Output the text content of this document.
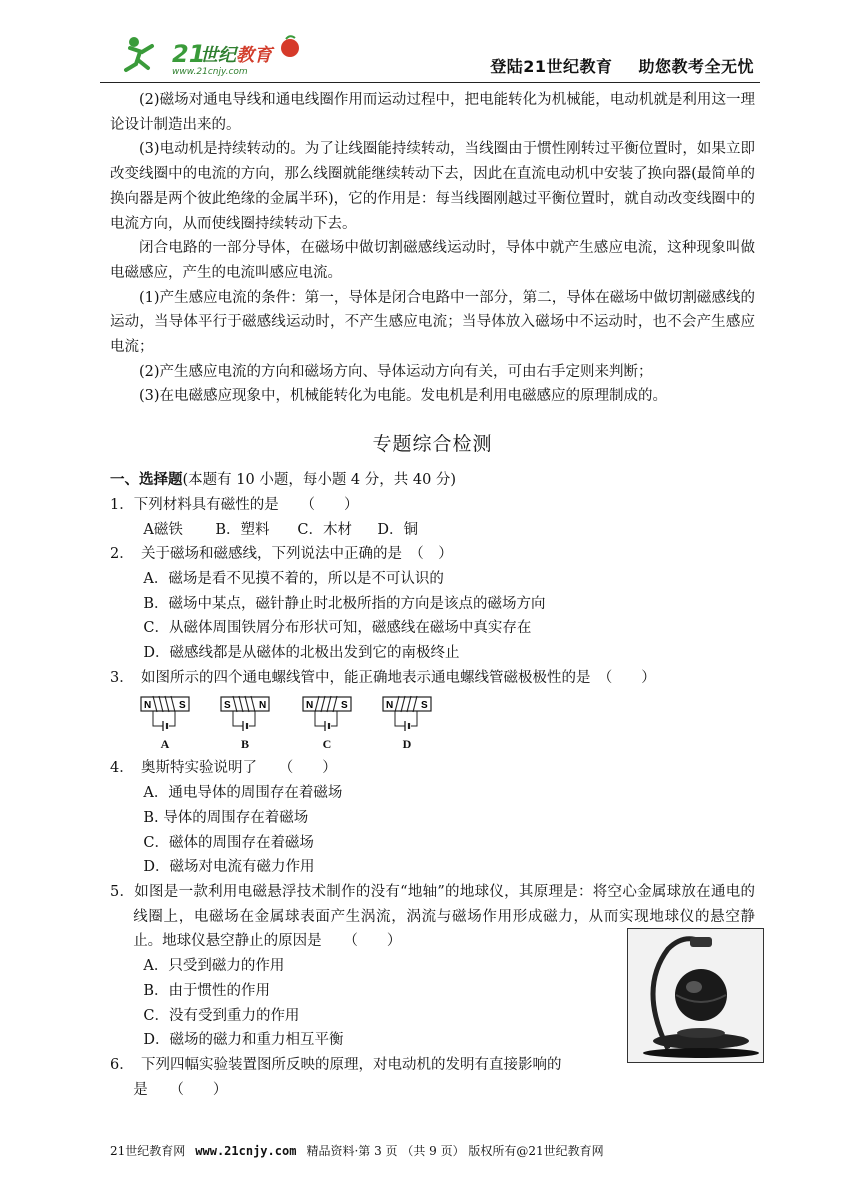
21
世纪 教育
www.21cnjy.com	登陆21世纪教育 助您教考全无忧

(2)磁场对通电导线和通电线圈作用而运动过程中，把电能转化为机械能，电动机就是利用这一理论设计制造出来的。

(3)电动机是持续转动的。为了让线圈能持续转动，当线圈由于惯性刚转过平衡位置时，如果立即改变线圈中的电流的方向，那么线圈就能继续转动下去，因此在直流电动机中安装了换向器(最简单的换向器是两个彼此绝缘的金属半环)，它的作用是：每当线圈刚越过平衡位置时，就自动改变线圈中的电流方向，从而使线圈持续转动下去。

闭合电路的一部分导体，在磁场中做切割磁感线运动时，导体中就产生感应电流，这种现象叫做电磁感应，产生的电流叫感应电流。

(1)产生感应电流的条件：第一，导体是闭合电路中一部分，第二，导体在磁场中做切割磁感线的运动，当导体平行于磁感线运动时，不产生感应电流；当导体放入磁场中不运动时，也不会产生感应电流；

(2)产生感应电流的方向和磁场方向、导体运动方向有关，可由右手定则来判断；

(3)在电磁感应现象中，机械能转化为电能。发电机是利用电磁感应的原理制成的。

专题综合检测

一、选择题(本题有 10 小题，每小题 4 分，共 40 分)

1．下列材料具有磁性的是　　（　　）

A磁铁 B．塑料 C．木材 D．铜

2．　关于磁场和磁感线，下列说法中正确的是　（　）

A．磁场是看不见摸不着的，所以是不可认识的
B．磁场中某点，磁针静止时北极所指的方向是该点的磁场方向
C．从磁体周围铁屑分布形状可知，磁感线在磁场中真实存在
D．磁感线都是从磁体的北极出发到它的南极终止

3．　如图所示的四个通电螺线管中，能正确地表示通电螺线管磁极极性的是　（　　）

N	S
A
S	N
B
N	S
C
N	S
D

4．　奥斯特实验说明了　　（　　）

A．通电导体的周围存在着磁场
B. 导体的周围存在着磁场
C．磁体的周围存在着磁场
D．磁场对电流有磁力作用

5．如图是一款利用电磁悬浮技术制作的没有“地轴”的地球仪，其原理是：将空心金属球放在通电的线圈上，电磁场在金属球表面产生涡流，涡流与磁场作用形成磁力，从而实现地球仪的悬空静止。地球仪悬空静止的原因是　　（　　）

A．只受到磁力的作用
B．由于惯性的作用
C．没有受到重力的作用
D．磁场的磁力和重力相互平衡

6．　下列四幅实验装置图所反映的原理，对电动机的发明有直接影响的

是　　（　　）

21世纪教育网 www.21cnjy.com 精品资料·第 3 页 （共 9 页） 版权所有@21世纪教育网
